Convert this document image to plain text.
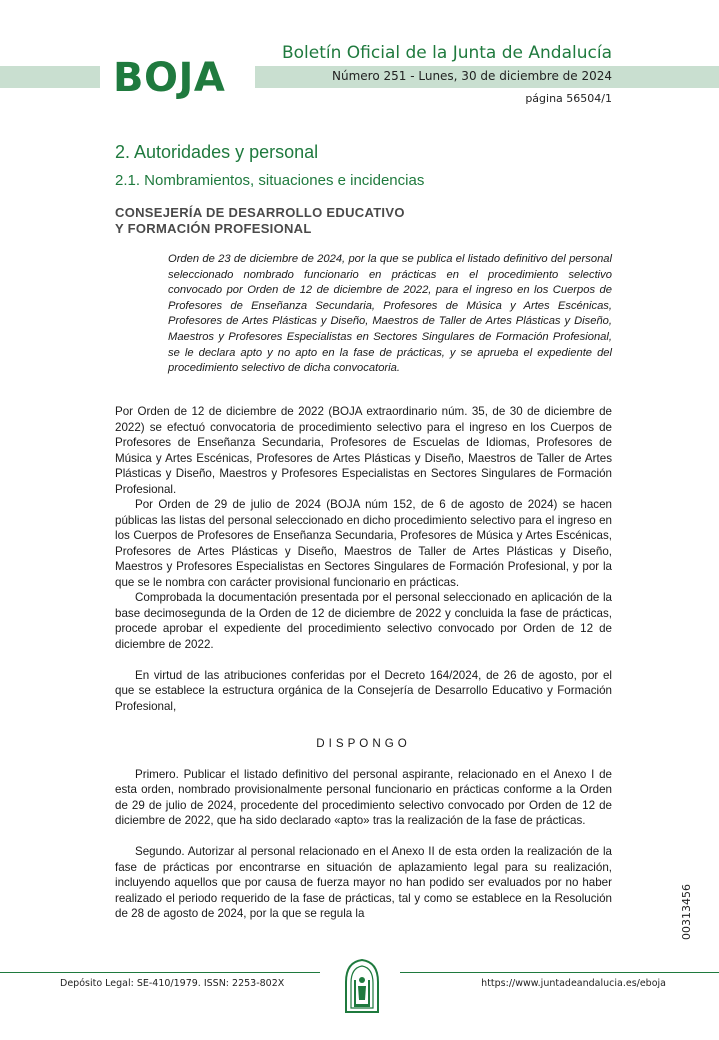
BOJA
Boletín Oficial de la Junta de Andalucía
Número 251 - Lunes, 30 de diciembre de 2024
página 56504/1
2. Autoridades y personal
2.1. Nombramientos, situaciones e incidencias
CONSEJERÍA DE DESARROLLO EDUCATIVO
Y FORMACIÓN PROFESIONAL
Orden de 23 de diciembre de 2024, por la que se publica el listado definitivo del personal seleccionado nombrado funcionario en prácticas en el procedimiento selectivo convocado por Orden de 12 de diciembre de 2022, para el ingreso en los Cuerpos de Profesores de Enseñanza Secundaria, Profesores de Música y Artes Escénicas, Profesores de Artes Plásticas y Diseño, Maestros de Taller de Artes Plásticas y Diseño, Maestros y Profesores Especialistas en Sectores Singulares de Formación Profesional, se le declara apto y no apto en la fase de prácticas, y se aprueba el expediente del procedimiento selectivo de dicha convocatoria.

Por Orden de 12 de diciembre de 2022 (BOJA extraordinario núm. 35, de 30 de diciembre de 2022) se efectuó convocatoria de procedimiento selectivo para el ingreso en los Cuerpos de Profesores de Enseñanza Secundaria, Profesores de Escuelas de Idiomas, Profesores de Música y Artes Escénicas, Profesores de Artes Plásticas y Diseño, Maestros de Taller de Artes Plásticas y Diseño, Maestros y Profesores Especialistas en Sectores Singulares de Formación Profesional.

Por Orden de 29 de julio de 2024 (BOJA núm 152, de 6 de agosto de 2024) se hacen públicas las listas del personal seleccionado en dicho procedimiento selectivo para el ingreso en los Cuerpos de Profesores de Enseñanza Secundaria, Profesores de Música y Artes Escénicas, Profesores de Artes Plásticas y Diseño, Maestros de Taller de Artes Plásticas y Diseño, Maestros y Profesores Especialistas en Sectores Singulares de Formación Profesional, y por la que se le nombra con carácter provisional funcionario en prácticas.

Comprobada la documentación presentada por el personal seleccionado en aplicación de la base decimosegunda de la Orden de 12 de diciembre de 2022 y concluida la fase de prácticas, procede aprobar el expediente del procedimiento selectivo convocado por Orden de 12 de diciembre de 2022.

En virtud de las atribuciones conferidas por el Decreto 164/2024, de 26 de agosto, por el que se establece la estructura orgánica de la Consejería de Desarrollo Educativo y Formación Profesional,

DISPONGO

Primero. Publicar el listado definitivo del personal aspirante, relacionado en el Anexo I de esta orden, nombrado provisionalmente personal funcionario en prácticas conforme a la Orden de 29 de julio de 2024, procedente del procedimiento selectivo convocado por Orden de 12 de diciembre de 2022, que ha sido declarado «apto» tras la realización de la fase de prácticas.

Segundo. Autorizar al personal relacionado en el Anexo II de esta orden la realización de la fase de prácticas por encontrarse en situación de aplazamiento legal para su realización, incluyendo aquellos que por causa de fuerza mayor no han podido ser evaluados por no haber realizado el periodo requerido de la fase de prácticas, tal y como se establece en la Resolución de 28 de agosto de 2024, por la que se regula la	00313456
Depósito Legal: SE-410/1979. ISSN: 2253-802X	https://www.juntadeandalucia.es/eboja
